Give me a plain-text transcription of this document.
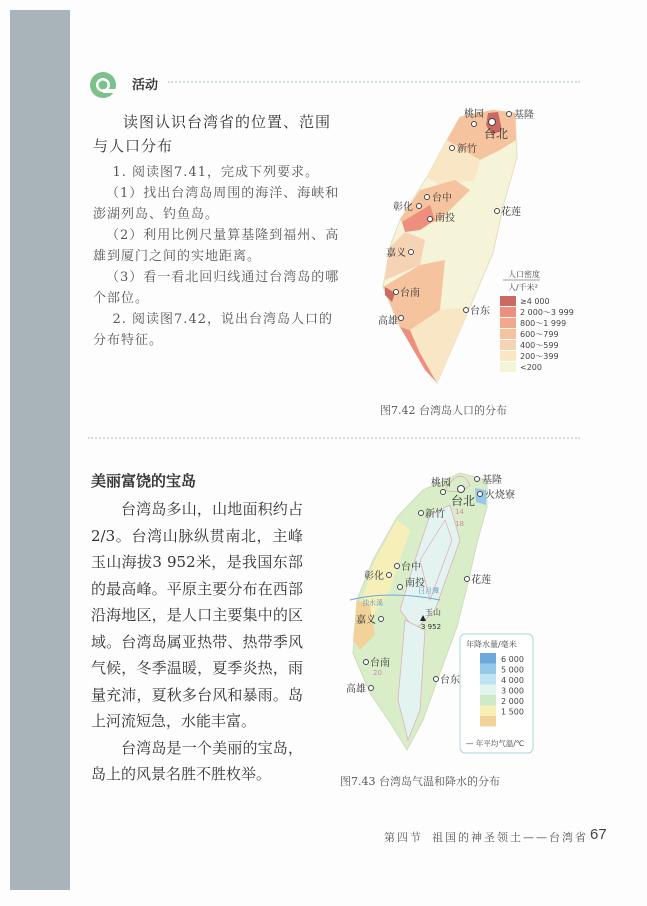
活动
读图认识台湾省的位置、范围与人口分布
1. 阅读图7.41，完成下列要求。
（1）找出台湾岛周围的海洋、海峡和澎湖列岛、钓鱼岛。
（2）利用比例尺量算基隆到福州、高雄到厦门之间的实地距离。
（3）看一看北回归线通过台湾岛的哪个部位。
2. 阅读图7.42，说出台湾岛人口的分布特征。
基隆
桃园
台北
新竹
台中
彰化
南投
花莲
嘉义
台南
台东
高雄
人口密度
人/千米²
≥4 000
2 000～3 999
800～1 999
600～799
400～599
200～399
<200
图7.42 台湾岛人口的分布
美丽富饶的宝岛

台湾岛多山，山地面积约占2/3。台湾山脉纵贯南北，主峰玉山海拔3 952米，是我国东部的最高峰。平原主要分布在西部沿海地区，是人口主要集中的区域。台湾岛属亚热带、热带季风气候，冬季温暖，夏季炎热，雨量充沛，夏秋多台风和暴雨。岛上河流短急，水能丰富。

台湾岛是一个美丽的宝岛，岛上的风景名胜不胜枚举。

14
18
20
日月潭
浊水溪
基隆
火烧寮
桃园
台北
新竹
台中
彰化
南投	花莲
嘉义
玉山
3 952
台南
台东
高雄
年降水量/毫米
6 000
5 000
4 000
3 000
2 000
1 500
— 年平均气温/℃
图7.43 台湾岛气温和降水的分布
第四节 祖国的神圣领土——台湾省 67
